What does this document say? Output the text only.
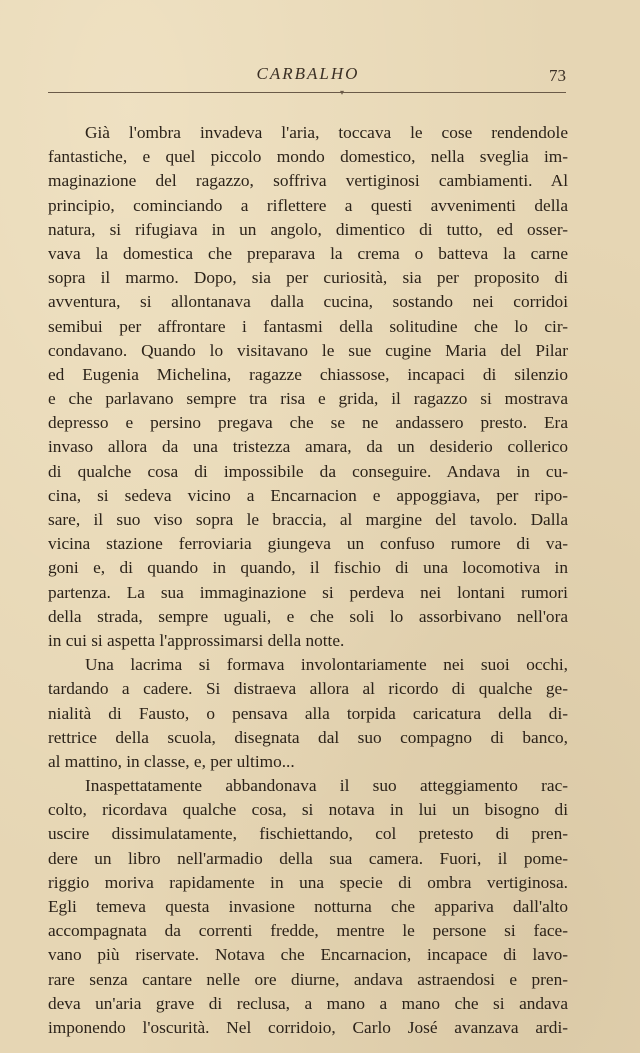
CARBALHO	73
▾
Già l'ombra invadeva l'aria, toccava le cose rendendole
fantastiche, e quel piccolo mondo domestico, nella sveglia im-
maginazione del ragazzo, soffriva vertiginosi cambiamenti. Al
principio, cominciando a riflettere a questi avvenimenti della
natura, si rifugiava in un angolo, dimentico di tutto, ed osser-
vava la domestica che preparava la crema o batteva la carne
sopra il marmo. Dopo, sia per curiosità, sia per proposito di
avventura, si allontanava dalla cucina, sostando nei corridoi
semibui per affrontare i fantasmi della solitudine che lo cir-
condavano. Quando lo visitavano le sue cugine Maria del Pilar
ed Eugenia Michelina, ragazze chiassose, incapaci di silenzio
e che parlavano sempre tra risa e grida, il ragazzo si mostrava
depresso e persino pregava che se ne andassero presto. Era
invaso allora da una tristezza amara, da un desiderio collerico
di qualche cosa di impossibile da conseguire. Andava in cu-
cina, si sedeva vicino a Encarnacion e appoggiava, per ripo-
sare, il suo viso sopra le braccia, al margine del tavolo. Dalla
vicina stazione ferroviaria giungeva un confuso rumore di va-
goni e, di quando in quando, il fischio di una locomotiva in
partenza. La sua immaginazione si perdeva nei lontani rumori
della strada, sempre uguali, e che soli lo assorbivano nell'ora
in cui si aspetta l'approssimarsi della notte.
Una lacrima si formava involontariamente nei suoi occhi,
tardando a cadere. Si distraeva allora al ricordo di qualche ge-
nialità di Fausto, o pensava alla torpida caricatura della di-
rettrice della scuola, disegnata dal suo compagno di banco,
al mattino, in classe, e, per ultimo...
Inaspettatamente abbandonava il suo atteggiamento rac-
colto, ricordava qualche cosa, si notava in lui un bisogno di
uscire dissimulatamente, fischiettando, col pretesto di pren-
dere un libro nell'armadio della sua camera. Fuori, il pome-
riggio moriva rapidamente in una specie di ombra vertiginosa.
Egli temeva questa invasione notturna che appariva dall'alto
accompagnata da correnti fredde, mentre le persone si face-
vano più riservate. Notava che Encarnacion, incapace di lavo-
rare senza cantare nelle ore diurne, andava astraendosi e pren-
deva un'aria grave di reclusa, a mano a mano che si andava
imponendo l'oscurità. Nel corridoio, Carlo José avanzava ardi-
